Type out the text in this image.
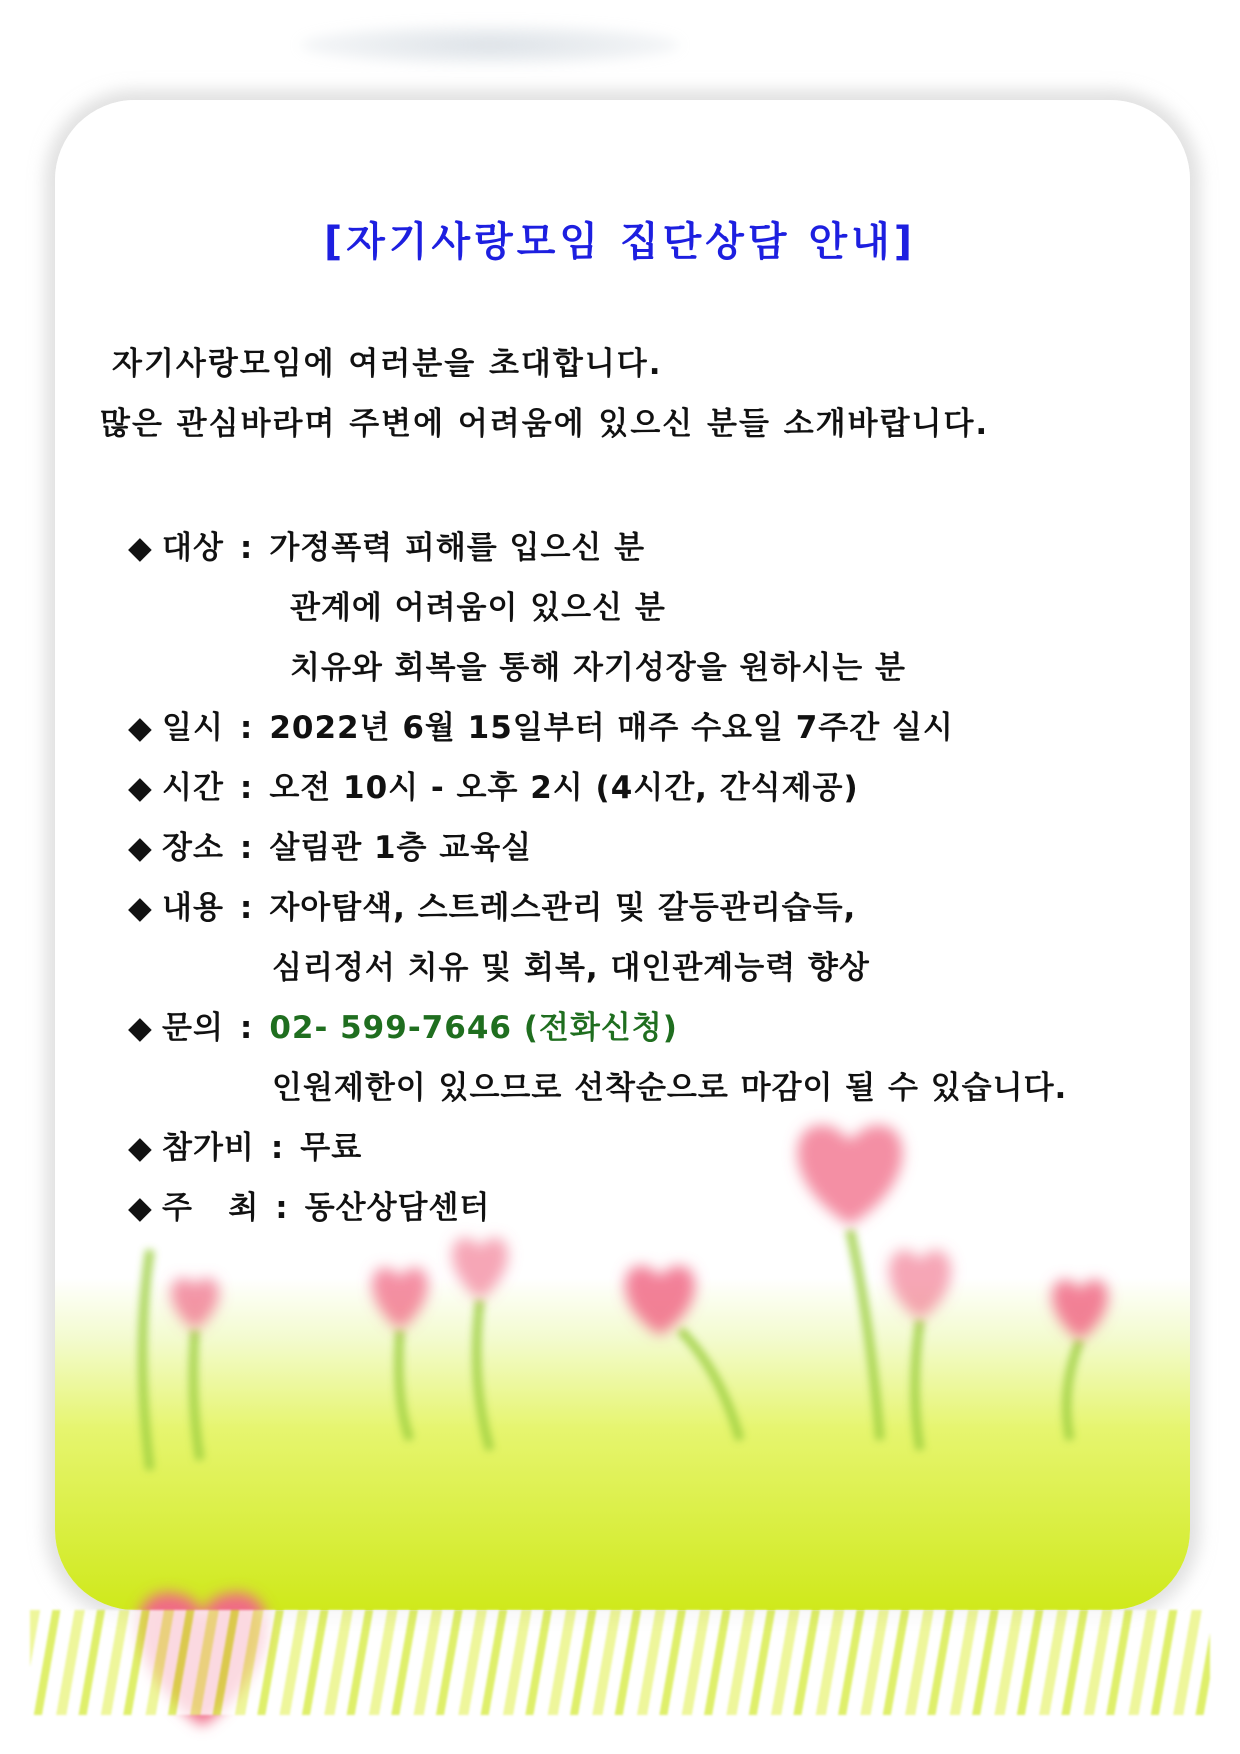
[자기사랑모임 집단상담 안내]
자기사랑모임에 여러분을 초대합니다.
많은 관심바라며 주변에 어려움에 있으신 분들 소개바랍니다.
◆ 대상 : 가정폭력 피해를 입으신 분
관계에 어려움이 있으신 분
치유와 회복을 통해 자기성장을 원하시는 분
◆ 일시 : 2022년 6월 15일부터 매주 수요일 7주간 실시
◆ 시간 : 오전 10시 - 오후 2시 (4시간, 간식제공)
◆ 장소 : 살림관 1층 교육실
◆ 내용 : 자아탐색, 스트레스관리 및 갈등관리습득,
심리정서 치유 및 회복, 대인관계능력 향상
◆ 문의 : 02- 599-7646 (전화신청)
인원제한이 있으므로 선착순으로 마감이 될 수 있습니다.
◆ 참가비 : 무료
◆ 주   최 : 동산상담센터
